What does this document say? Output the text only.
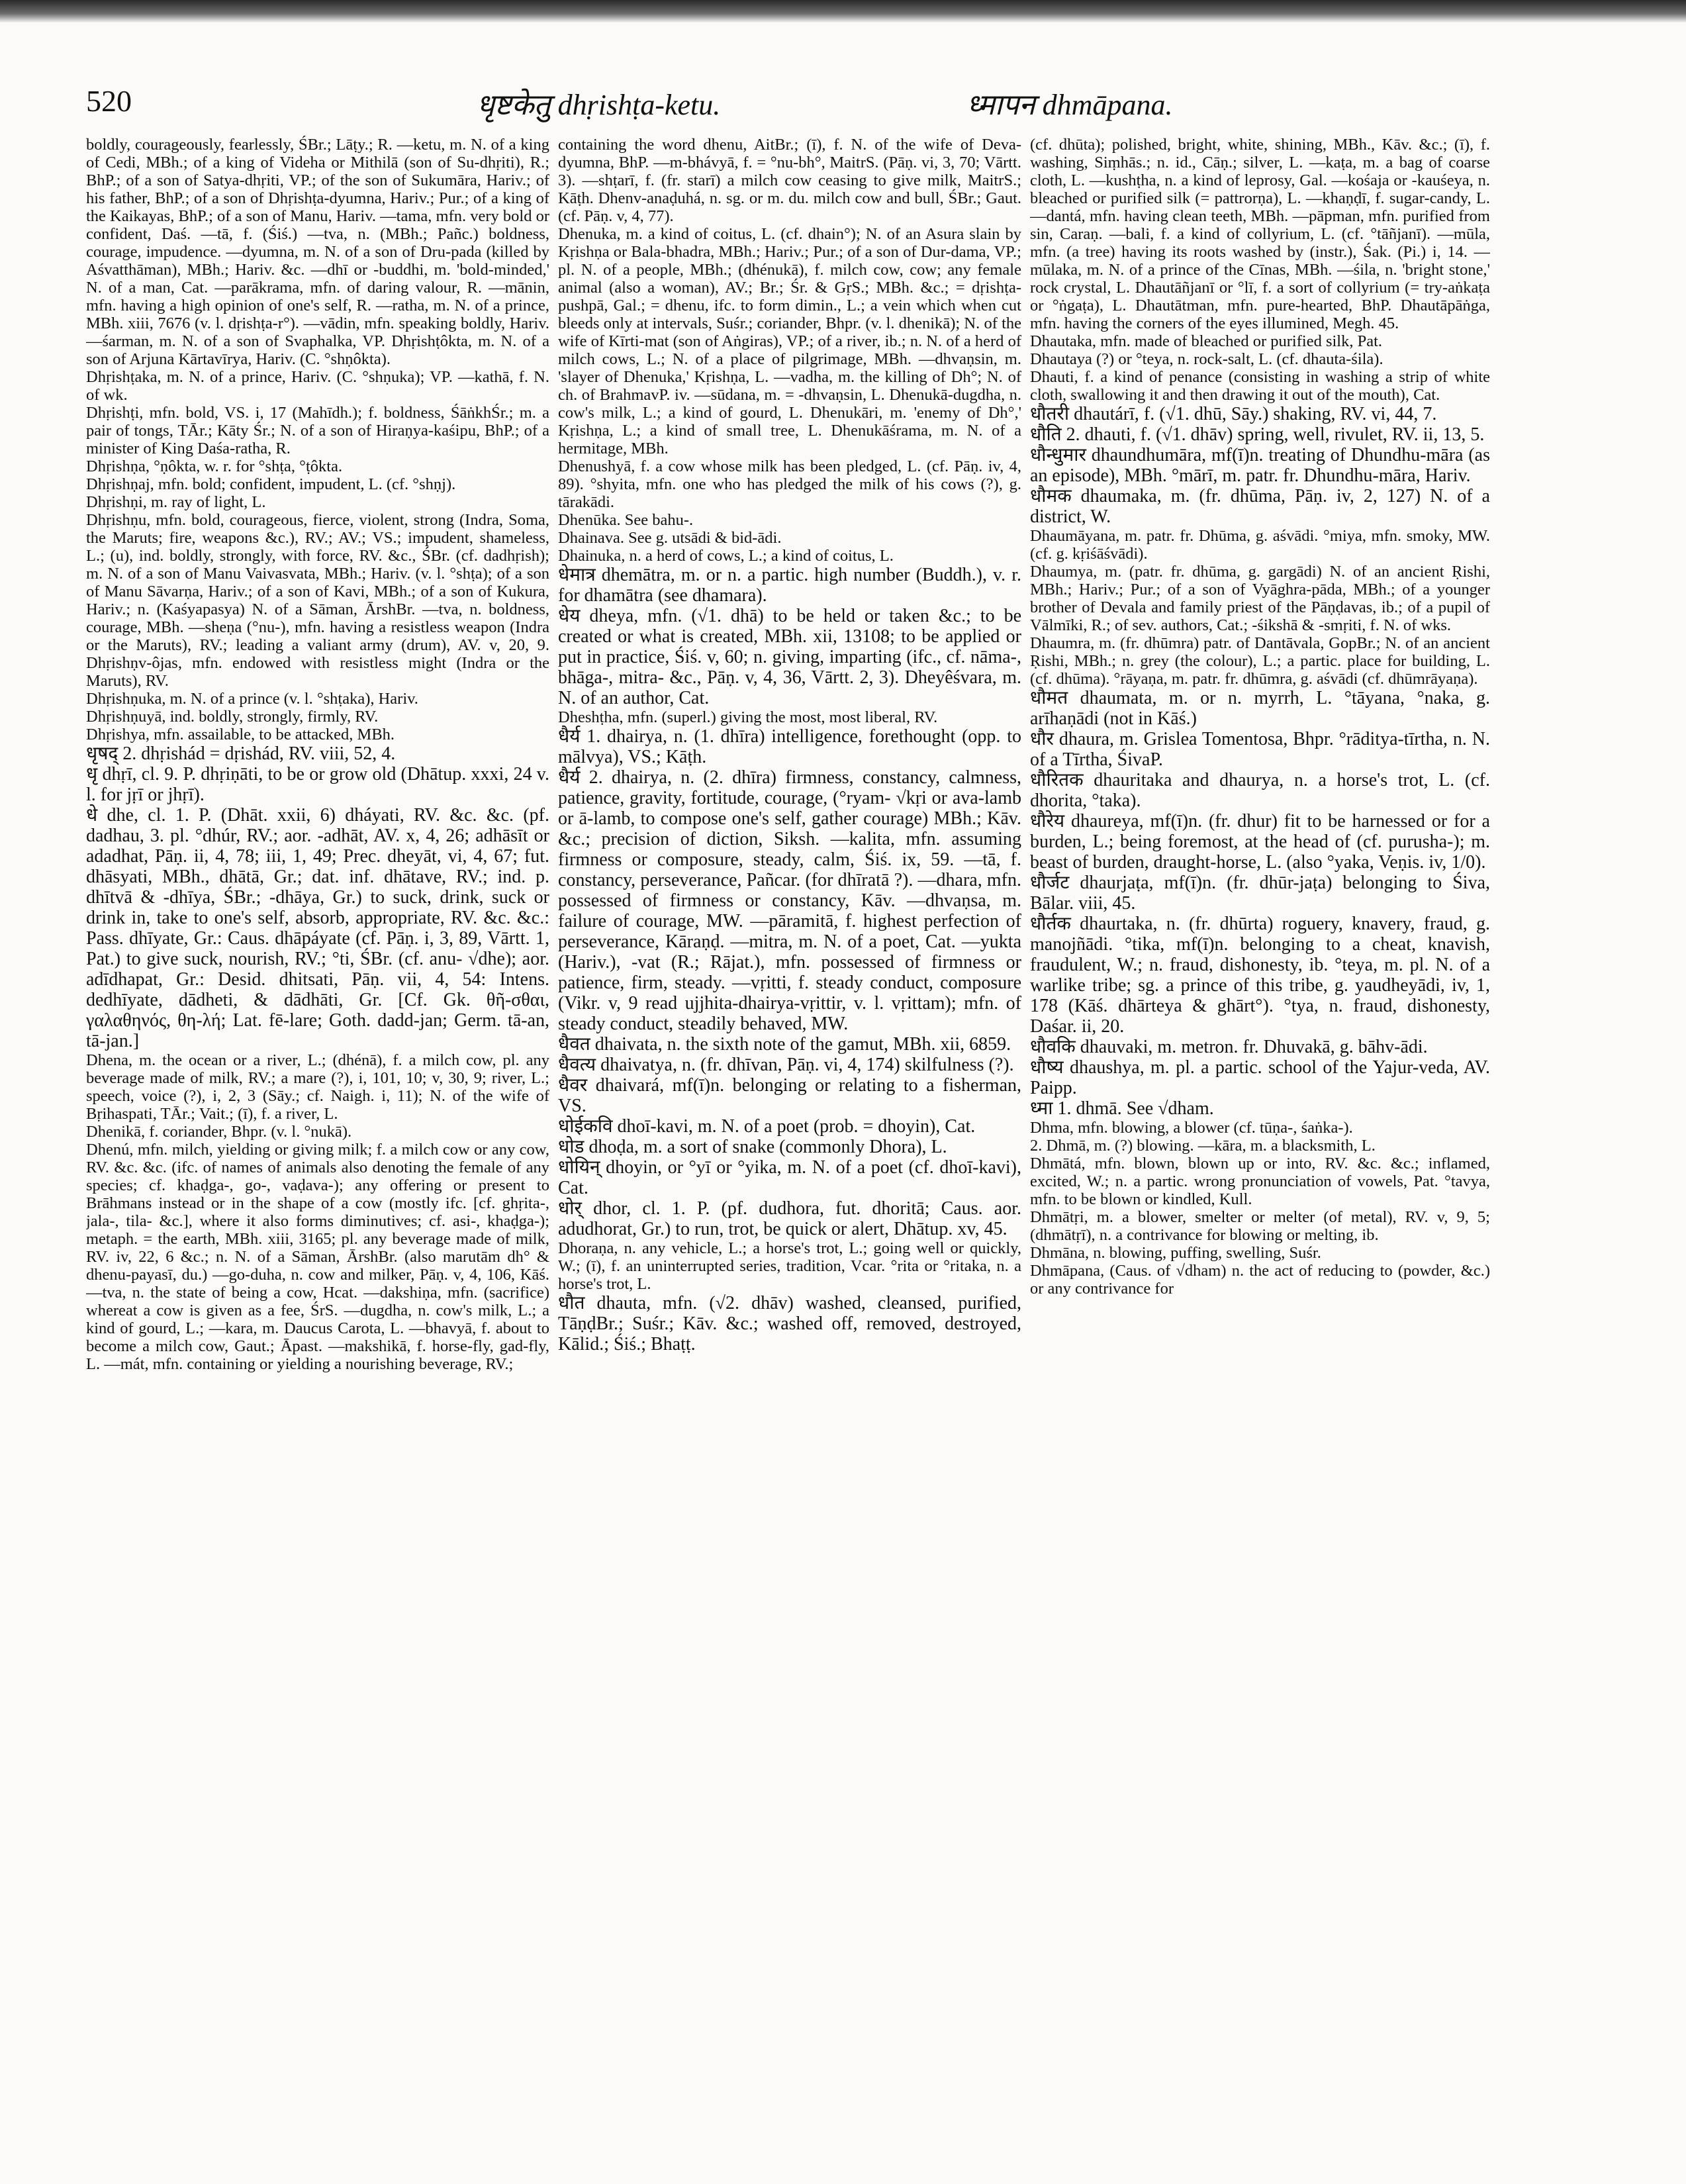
520	धृष्टकेतु dhṛishṭa-ketu.	ध्मापन dhmāpana.

boldly, courageously, fearlessly, ŚBr.; Lāṭy.; R. —ketu, m. N. of a king of Cedi, MBh.; of a king of Videha or Mithilā (son of Su-dhṛiti), R.; BhP.; of a son of Satya-dhṛiti, VP.; of the son of Sukumāra, Hariv.; of his father, BhP.; of a son of Dhṛishṭa-dyumna, Hariv.; Pur.; of a king of the Kaikayas, BhP.; of a son of Manu, Hariv. —tama, mfn. very bold or confident, Daś. —tā, f. (Śiś.) —tva, n. (MBh.; Pañc.) boldness, courage, impudence. —dyumna, m. N. of a son of Dru-pada (killed by Aśvatthāman), MBh.; Hariv. &c. —dhī or -buddhi, m. 'bold-minded,' N. of a man, Cat. —parākrama, mfn. of daring valour, R. —mānin, mfn. having a high opinion of one's self, R. —ratha, m. N. of a prince, MBh. xiii, 7676 (v. l. dṛishṭa-r°). —vādin, mfn. speaking boldly, Hariv. —śarman, m. N. of a son of Svaphalka, VP. Dhṛishṭôkta, m. N. of a son of Arjuna Kārtavīrya, Hariv. (C. °shṇôkta).

Dhṛishṭaka, m. N. of a prince, Hariv. (C. °shṇuka); VP. —kathā, f. N. of wk.

Dhṛishṭi, mfn. bold, VS. i, 17 (Mahīdh.); f. boldness, ŚāṅkhŚr.; m. a pair of tongs, TĀr.; Kāty Śr.; N. of a son of Hiraṇya-kaśipu, BhP.; of a minister of King Daśa-ratha, R.

Dhṛishṇa, °ṇôkta, w. r. for °shṭa, °ṭôkta.

Dhṛishṇaj, mfn. bold; confident, impudent, L. (cf. °shṇj).

Dhṛishṇi, m. ray of light, L.

Dhṛishṇu, mfn. bold, courageous, fierce, violent, strong (Indra, Soma, the Maruts; fire, weapons &c.), RV.; AV.; VS.; impudent, shameless, L.; (u), ind. boldly, strongly, with force, RV. &c., ŚBr. (cf. dadhṛish); m. N. of a son of Manu Vaivasvata, MBh.; Hariv. (v. l. °shṭa); of a son of Manu Sāvarṇa, Hariv.; of a son of Kavi, MBh.; of a son of Kukura, Hariv.; n. (Kaśyapasya) N. of a Sāman, ĀrshBr. —tva, n. boldness, courage, MBh. —sheṇa (°nu-), mfn. having a resistless weapon (Indra or the Maruts), RV.; leading a valiant army (drum), AV. v, 20, 9. Dhṛishṇv-ôjas, mfn. endowed with resistless might (Indra or the Maruts), RV.

Dhṛishṇuka, m. N. of a prince (v. l. °shṭaka), Hariv.

Dhṛishṇuyā, ind. boldly, strongly, firmly, RV.

Dhṛishya, mfn. assailable, to be attacked, MBh.

धृषद् 2. dhṛishád = dṛishád, RV. viii, 52, 4.

धृ dhṛī, cl. 9. P. dhṛiṇāti, to be or grow old (Dhātup. xxxi, 24 v. l. for jṛī or jhṛī).

धे dhe, cl. 1. P. (Dhāt. xxii, 6) dháyati, RV. &c. &c. (pf. dadhau, 3. pl. °dhúr, RV.; aor. -adhāt, AV. x, 4, 26; adhāsīt or adadhat, Pāṇ. ii, 4, 78; iii, 1, 49; Prec. dheyāt, vi, 4, 67; fut. dhāsyati, MBh., dhātā, Gr.; dat. inf. dhātave, RV.; ind. p. dhītvā & -dhīya, ŚBr.; -dhāya, Gr.) to suck, drink, suck or drink in, take to one's self, absorb, appropriate, RV. &c. &c.: Pass. dhīyate, Gr.: Caus. dhāpáyate (cf. Pāṇ. i, 3, 89, Vārtt. 1, Pat.) to give suck, nourish, RV.; °ti, ŚBr. (cf. anu- √dhe); aor. adīdhapat, Gr.: Desid. dhitsati, Pāṇ. vii, 4, 54: Intens. dedhīyate, dādheti, & dādhāti, Gr. [Cf. Gk. θῆ-σθαι, γαλαθηνός, θη-λή; Lat. fē-lare; Goth. dadd-jan; Germ. tā-an, tā-jan.]

Dhena, m. the ocean or a river, L.; (dhénā), f. a milch cow, pl. any beverage made of milk, RV.; a mare (?), i, 101, 10; v, 30, 9; river, L.; speech, voice (?), i, 2, 3 (Sāy.; cf. Naigh. i, 11); N. of the wife of Bṛihaspati, TĀr.; Vait.; (ī), f. a river, L.

Dhenikā, f. coriander, Bhpr. (v. l. °nukā).

Dhenú, mfn. milch, yielding or giving milk; f. a milch cow or any cow, RV. &c. &c. (ifc. of names of animals also denoting the female of any species; cf. khaḍga-, go-, vaḍava-); any offering or present to Brāhmans instead or in the shape of a cow (mostly ifc. [cf. ghṛita-, jala-, tila- &c.], where it also forms diminutives; cf. asi-, khaḍga-); metaph. = the earth, MBh. xiii, 3165; pl. any beverage made of milk, RV. iv, 22, 6 &c.; n. N. of a Sāman, ĀrshBr. (also marutām dh° & dhenu-payasī, du.) —go-duha, n. cow and milker, Pāṇ. v, 4, 106, Kāś. —tva, n. the state of being a cow, Hcat. —dakshiṇa, mfn. (sacrifice) whereat a cow is given as a fee, ŚrS. —dugdha, n. cow's milk, L.; a kind of gourd, L.; —kara, m. Daucus Carota, L. —bhavyā, f. about to become a milch cow, Gaut.; Āpast. —makshikā, f. horse-fly, gad-fly, L. —mát, mfn. containing or yielding a nourishing beverage, RV.;

containing the word dhenu, AitBr.; (ī), f. N. of the wife of Deva-dyumna, BhP. —m-bhávyā, f. = °nu-bh°, MaitrS. (Pāṇ. vi, 3, 70; Vārtt. 3). —shṭarī, f. (fr. starī) a milch cow ceasing to give milk, MaitrS.; Kāṭh. Dhenv-anaḍuhá, n. sg. or m. du. milch cow and bull, ŚBr.; Gaut. (cf. Pāṇ. v, 4, 77).

Dhenuka, m. a kind of coitus, L. (cf. dhain°); N. of an Asura slain by Kṛishṇa or Bala-bhadra, MBh.; Hariv.; Pur.; of a son of Dur-dama, VP.; pl. N. of a people, MBh.; (dhénukā), f. milch cow, cow; any female animal (also a woman), AV.; Br.; Śr. & GṛS.; MBh. &c.; = dṛishṭa-pushpā, Gal.; = dhenu, ifc. to form dimin., L.; a vein which when cut bleeds only at intervals, Suśr.; coriander, Bhpr. (v. l. dhenikā); N. of the wife of Kīrti-mat (son of Aṅgiras), VP.; of a river, ib.; n. N. of a herd of milch cows, L.; N. of a place of pilgrimage, MBh. —dhvaṇsin, m. 'slayer of Dhenuka,' Kṛishṇa, L. —vadha, m. the killing of Dh°; N. of ch. of BrahmavP. iv. —sūdana, m. = -dhvaṇsin, L. Dhenukā-dugdha, n. cow's milk, L.; a kind of gourd, L. Dhenukāri, m. 'enemy of Dh°,' Kṛishṇa, L.; a kind of small tree, L. Dhenukāśrama, m. N. of a hermitage, MBh.

Dhenushyā, f. a cow whose milk has been pledged, L. (cf. Pāṇ. iv, 4, 89). °shyita, mfn. one who has pledged the milk of his cows (?), g. tārakādi.

Dhenūka. See bahu-.

Dhainava. See g. utsādi & bid-ādi.

Dhainuka, n. a herd of cows, L.; a kind of coitus, L.

धेमात्र dhemātra, m. or n. a partic. high number (Buddh.), v. r. for dhamātra (see dhamara).

धेय dheya, mfn. (√1. dhā) to be held or taken &c.; to be created or what is created, MBh. xii, 13108; to be applied or put in practice, Śiś. v, 60; n. giving, imparting (ifc., cf. nāma-, bhāga-, mitra- &c., Pāṇ. v, 4, 36, Vārtt. 2, 3). Dheyêśvara, m. N. of an author, Cat.

Dheshṭha, mfn. (superl.) giving the most, most liberal, RV.

धैर्य 1. dhairya, n. (1. dhīra) intelligence, forethought (opp. to mālvya), VS.; Kāṭh.

धैर्य 2. dhairya, n. (2. dhīra) firmness, constancy, calmness, patience, gravity, fortitude, courage, (°ryam- √kṛi or ava-lamb or ā-lamb, to compose one's self, gather courage) MBh.; Kāv. &c.; precision of diction, Siksh. —kalita, mfn. assuming firmness or composure, steady, calm, Śiś. ix, 59. —tā, f. constancy, perseverance, Pañcar. (for dhīratā ?). —dhara, mfn. possessed of firmness or constancy, Kāv. —dhvaṇsa, m. failure of courage, MW. —pāramitā, f. highest perfection of perseverance, Kāraṇḍ. —mitra, m. N. of a poet, Cat. —yukta (Hariv.), -vat (R.; Rājat.), mfn. possessed of firmness or patience, firm, steady. —vṛitti, f. steady conduct, composure (Vikr. v, 9 read ujjhita-dhairya-vṛittir, v. l. vṛittam); mfn. of steady conduct, steadily behaved, MW.

धैवत dhaivata, n. the sixth note of the gamut, MBh. xii, 6859.

धैवत्य dhaivatya, n. (fr. dhīvan, Pāṇ. vi, 4, 174) skilfulness (?).

धैवर dhaivará, mf(ī)n. belonging or relating to a fisherman, VS.

धोईकवि dhoī-kavi, m. N. of a poet (prob. = dhoyin), Cat.

धोड dhoḍa, m. a sort of snake (commonly Dhora), L.

धोयिन् dhoyin, or °yī or °yika, m. N. of a poet (cf. dhoī-kavi), Cat.

धोर् dhor, cl. 1. P. (pf. dudhora, fut. dhoritā; Caus. aor. adudhorat, Gr.) to run, trot, be quick or alert, Dhātup. xv, 45.

Dhoraṇa, n. any vehicle, L.; a horse's trot, L.; going well or quickly, W.; (ī), f. an uninterrupted series, tradition, Vcar. °rita or °ritaka, n. a horse's trot, L.

धौत dhauta, mfn. (√2. dhāv) washed, cleansed, purified, TāṇḍBr.; Suśr.; Kāv. &c.; washed off, removed, destroyed, Kālid.; Śiś.; Bhaṭṭ.

(cf. dhūta); polished, bright, white, shining, MBh., Kāv. &c.; (ī), f. washing, Siṃhās.; n. id., Cāṇ.; silver, L. —kaṭa, m. a bag of coarse cloth, L. —kushṭha, n. a kind of leprosy, Gal. —kośaja or -kauśeya, n. bleached or purified silk (= pattrorṇa), L. —khaṇḍī, f. sugar-candy, L. —dantá, mfn. having clean teeth, MBh. —pāpman, mfn. purified from sin, Caraṇ. —bali, f. a kind of collyrium, L. (cf. °tāñjanī). —mūla, mfn. (a tree) having its roots washed by (instr.), Śak. (Pi.) i, 14. —mūlaka, m. N. of a prince of the Cīnas, MBh. —śila, n. 'bright stone,' rock crystal, L. Dhautāñjanī or °lī, f. a sort of collyrium (= try-aṅkaṭa or °ṅgaṭa), L. Dhautātman, mfn. pure-hearted, BhP. Dhautāpāṅga, mfn. having the corners of the eyes illumined, Megh. 45.

Dhautaka, mfn. made of bleached or purified silk, Pat.

Dhautaya (?) or °teya, n. rock-salt, L. (cf. dhauta-śila).

Dhauti, f. a kind of penance (consisting in washing a strip of white cloth, swallowing it and then drawing it out of the mouth), Cat.

धौतरी dhautárī, f. (√1. dhū, Sāy.) shaking, RV. vi, 44, 7.

धौति 2. dhauti, f. (√1. dhāv) spring, well, rivulet, RV. ii, 13, 5.

धौन्धुमार dhaundhumāra, mf(ī)n. treating of Dhundhu-māra (as an episode), MBh. °mārī, m. patr. fr. Dhundhu-māra, Hariv.

धौमक dhaumaka, m. (fr. dhūma, Pāṇ. iv, 2, 127) N. of a district, W.

Dhaumāyana, m. patr. fr. Dhūma, g. aśvādi. °miya, mfn. smoky, MW. (cf. g. kṛiśāśvādi).

Dhaumya, m. (patr. fr. dhūma, g. gargādi) N. of an ancient Ṛishi, MBh.; Hariv.; Pur.; of a son of Vyāghra-pāda, MBh.; of a younger brother of Devala and family priest of the Pāṇḍavas, ib.; of a pupil of Vālmīki, R.; of sev. authors, Cat.; -śikshā & -smṛiti, f. N. of wks.

Dhaumra, m. (fr. dhūmra) patr. of Dantāvala, GopBr.; N. of an ancient Ṛishi, MBh.; n. grey (the colour), L.; a partic. place for building, L. (cf. dhūma). °rāyaṇa, m. patr. fr. dhūmra, g. aśvādi (cf. dhūmrāyaṇa).

धौमत dhaumata, m. or n. myrrh, L. °tāyana, °naka, g. arīhaṇādi (not in Kāś.)

धौर dhaura, m. Grislea Tomentosa, Bhpr. °rāditya-tīrtha, n. N. of a Tīrtha, ŚivaP.

धौरितक dhauritaka and dhaurya, n. a horse's trot, L. (cf. dhorita, °taka).

धौरेय dhaureya, mf(ī)n. (fr. dhur) fit to be harnessed or for a burden, L.; being foremost, at the head of (cf. purusha-); m. beast of burden, draught-horse, L. (also °yaka, Veṇis. iv, 1/0).

धौर्जट dhaurjaṭa, mf(ī)n. (fr. dhūr-jaṭa) belonging to Śiva, Bālar. viii, 45.

धौर्तक dhaurtaka, n. (fr. dhūrta) roguery, knavery, fraud, g. manojñādi. °tika, mf(ī)n. belonging to a cheat, knavish, fraudulent, W.; n. fraud, dishonesty, ib. °teya, m. pl. N. of a warlike tribe; sg. a prince of this tribe, g. yaudheyādi, iv, 1, 178 (Kāś. dhārteya & ghārt°). °tya, n. fraud, dishonesty, Daśar. ii, 20.

धौवकि dhauvaki, m. metron. fr. Dhuvakā, g. bāhv-ādi.

धौष्य dhaushya, m. pl. a partic. school of the Yajur-veda, AV. Paipp.

ध्मा 1. dhmā. See √dham.

Dhma, mfn. blowing, a blower (cf. tūṇa-, śaṅka-).

2. Dhmā, m. (?) blowing. —kāra, m. a blacksmith, L.

Dhmātá, mfn. blown, blown up or into, RV. &c. &c.; inflamed, excited, W.; n. a partic. wrong pronunciation of vowels, Pat. °tavya, mfn. to be blown or kindled, Kull.

Dhmātṛi, m. a blower, smelter or melter (of metal), RV. v, 9, 5; (dhmātṛī), n. a contrivance for blowing or melting, ib.

Dhmāna, n. blowing, puffing, swelling, Suśr.

Dhmāpana, (Caus. of √dham) n. the act of reducing to (powder, &c.) or any contrivance for
